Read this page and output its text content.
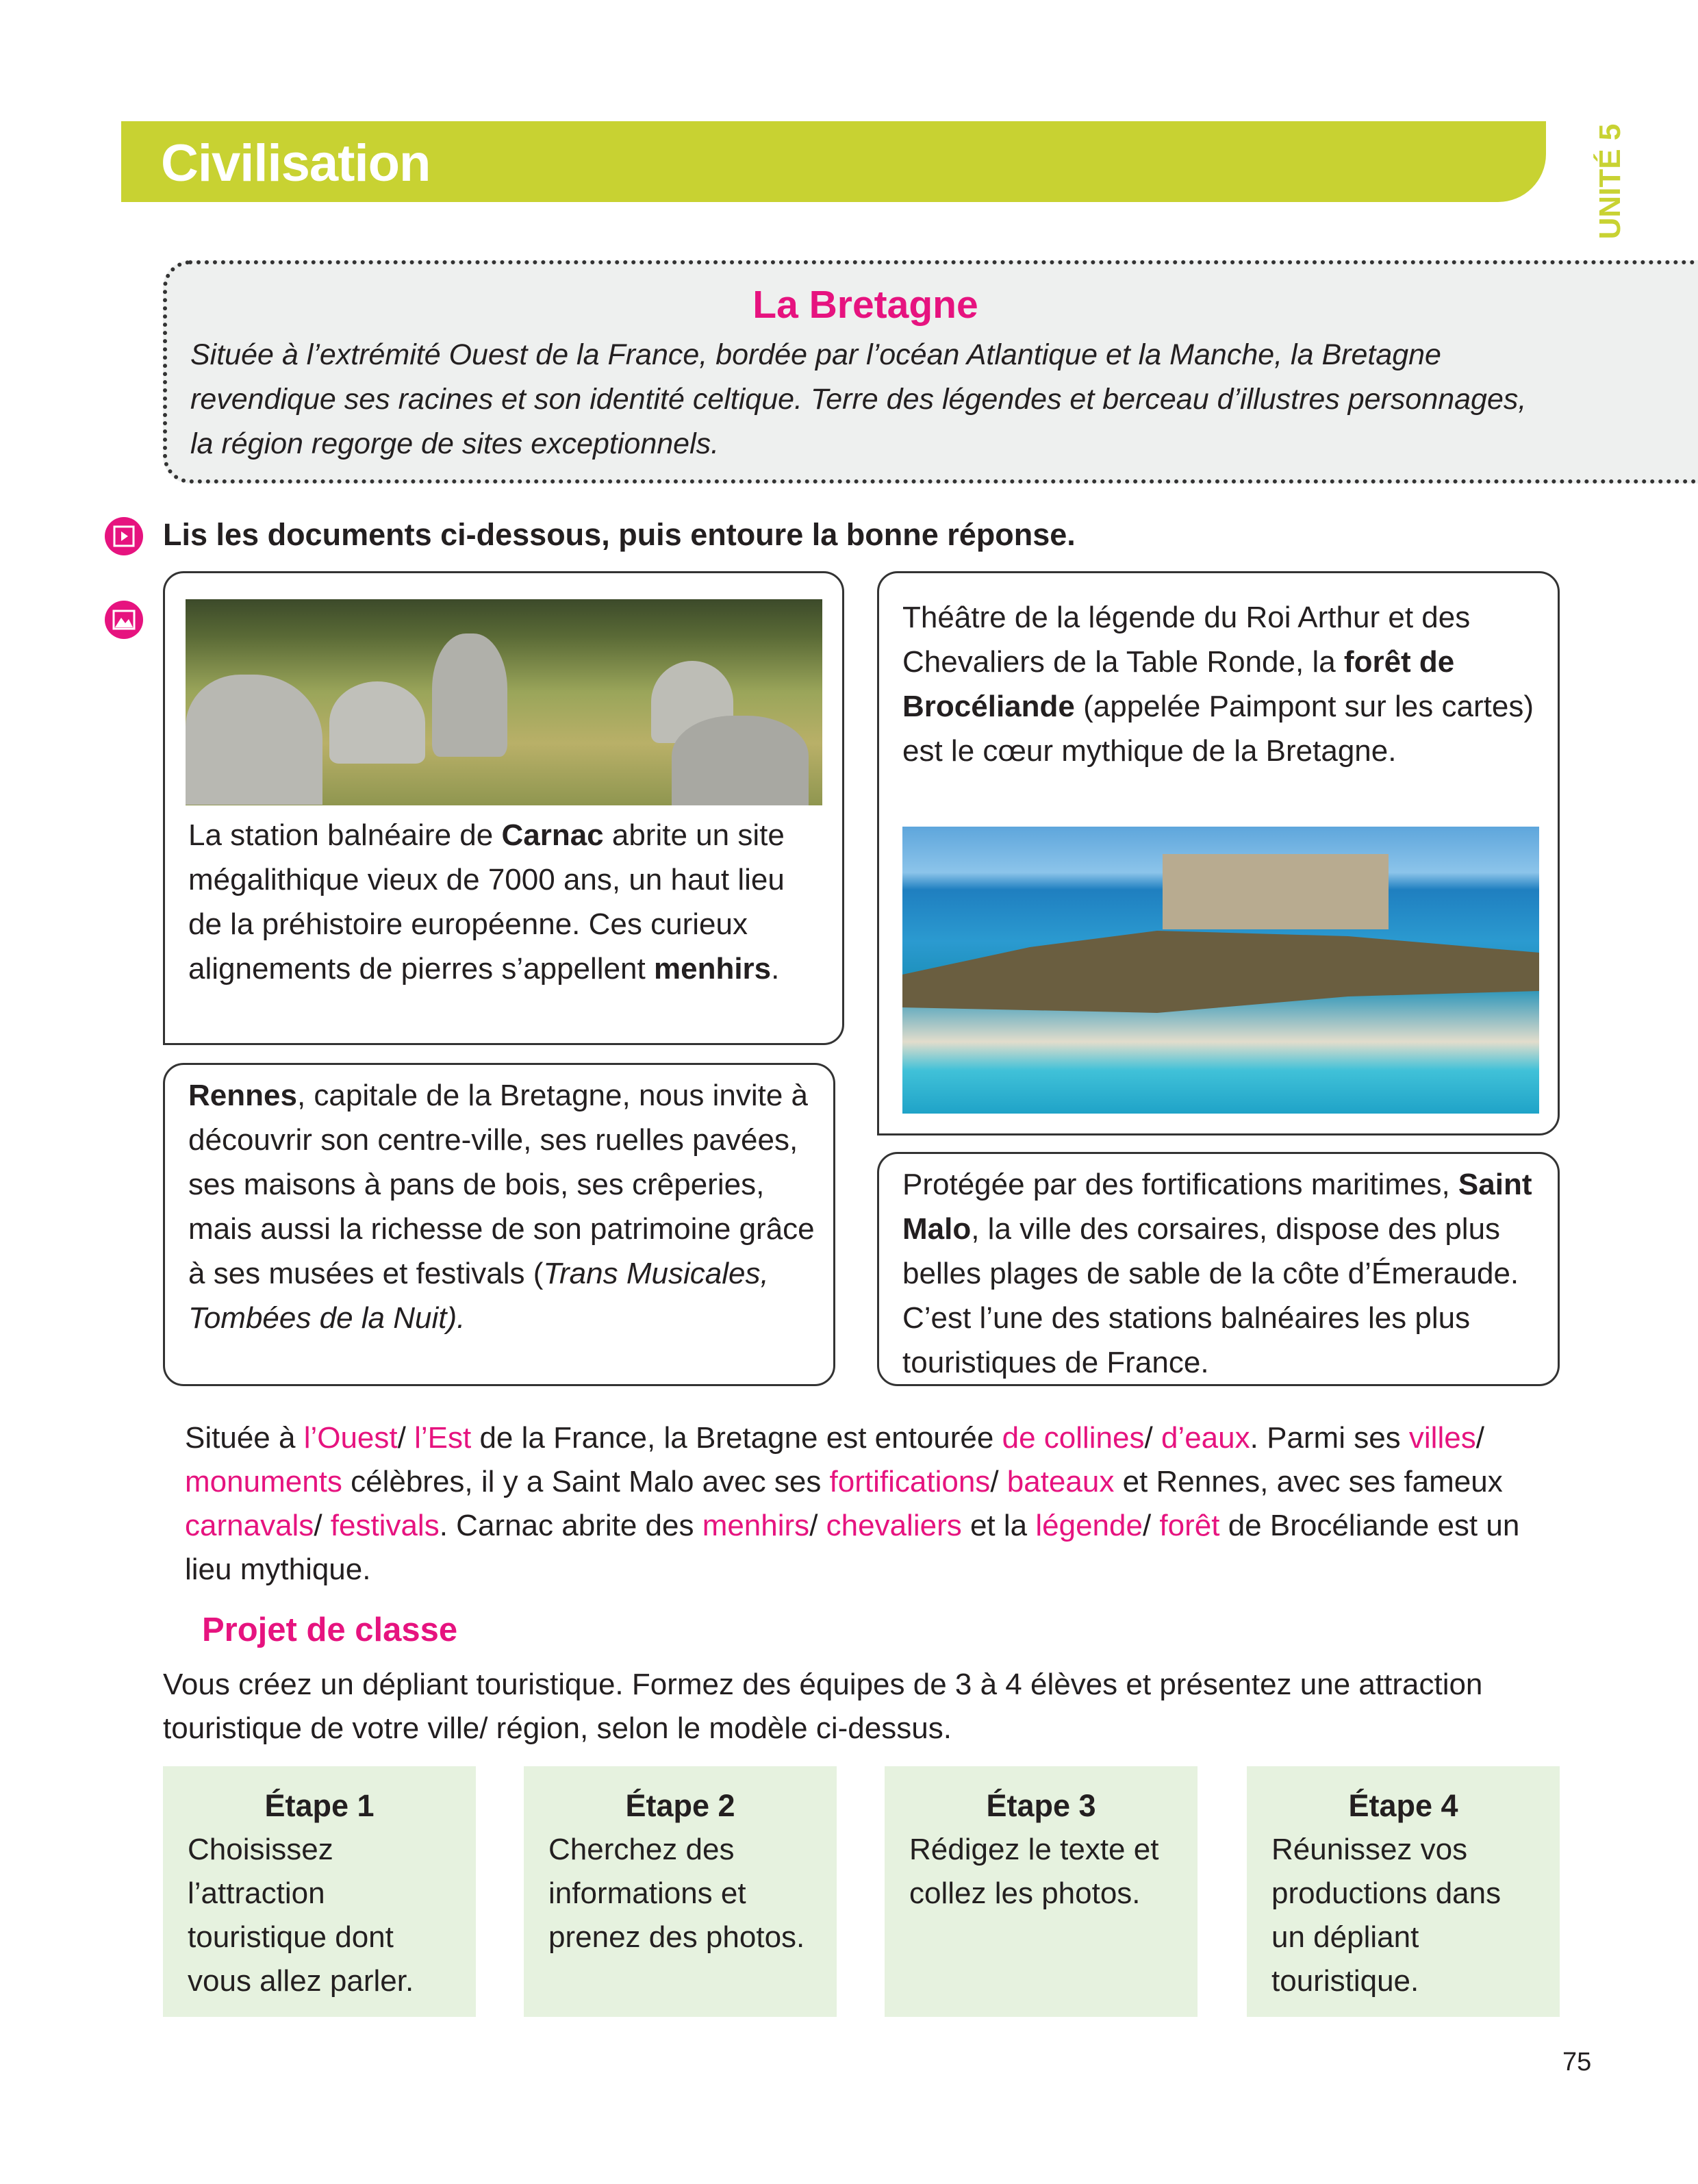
Civilisation	UNITÉ 5
La Bretagne

Située à l’extrémité Ouest de la France, bordée par l’océan Atlantique et la Manche, la Bretagne revendique ses racines et son identité celtique. Terre des légendes et berceau d’illustres personnages, la région regorge de sites exceptionnels.

Lis les documents ci-dessous, puis entoure la bonne réponse.
La station balnéaire de Carnac abrite un site mégalithique vieux de 7000 ans, un haut lieu de la préhistoire européenne. Ces curieux alignements de pierres s’appellent menhirs.
Rennes, capitale de la Bretagne, nous invite à découvrir son centre-ville, ses ruelles pavées, ses maisons à pans de bois, ses crêperies, mais aussi la richesse de son patrimoine grâce à ses musées et festivals (Trans Musicales, Tombées de la Nuit).
Théâtre de la légende du Roi Arthur et des Chevaliers de la Table Ronde, la forêt de Brocéliande (appelée Paimpont sur les cartes) est le cœur mythique de la Bretagne.
Protégée par des fortifications maritimes, Saint Malo, la ville des corsaires, dispose des plus belles plages de sable de la côte d’Émeraude. C’est l’une des stations balnéaires les plus touristiques de France.
Située à l’Ouest/ l’Est de la France, la Bretagne est entourée de collines/ d’eaux. Parmi ses villes/ monuments célèbres, il y a Saint Malo avec ses fortifications/ bateaux et Rennes, avec ses fameux carnavals/ festivals. Carnac abrite des menhirs/ chevaliers et la légende/ forêt de Brocéliande est un lieu mythique.
Projet de classe
Vous créez un dépliant touristique. Formez des équipes de 3 à 4 élèves et présentez une attraction touristique de votre ville/ région, selon le modèle ci-dessus.
Étape 1
Choisissez l’attraction touristique dont vous allez parler.
Étape 2
Cherchez des informations et prenez des photos.
Étape 3
Rédigez le texte et collez les photos.
Étape 4
Réunissez vos productions dans un dépliant touristique.
75
